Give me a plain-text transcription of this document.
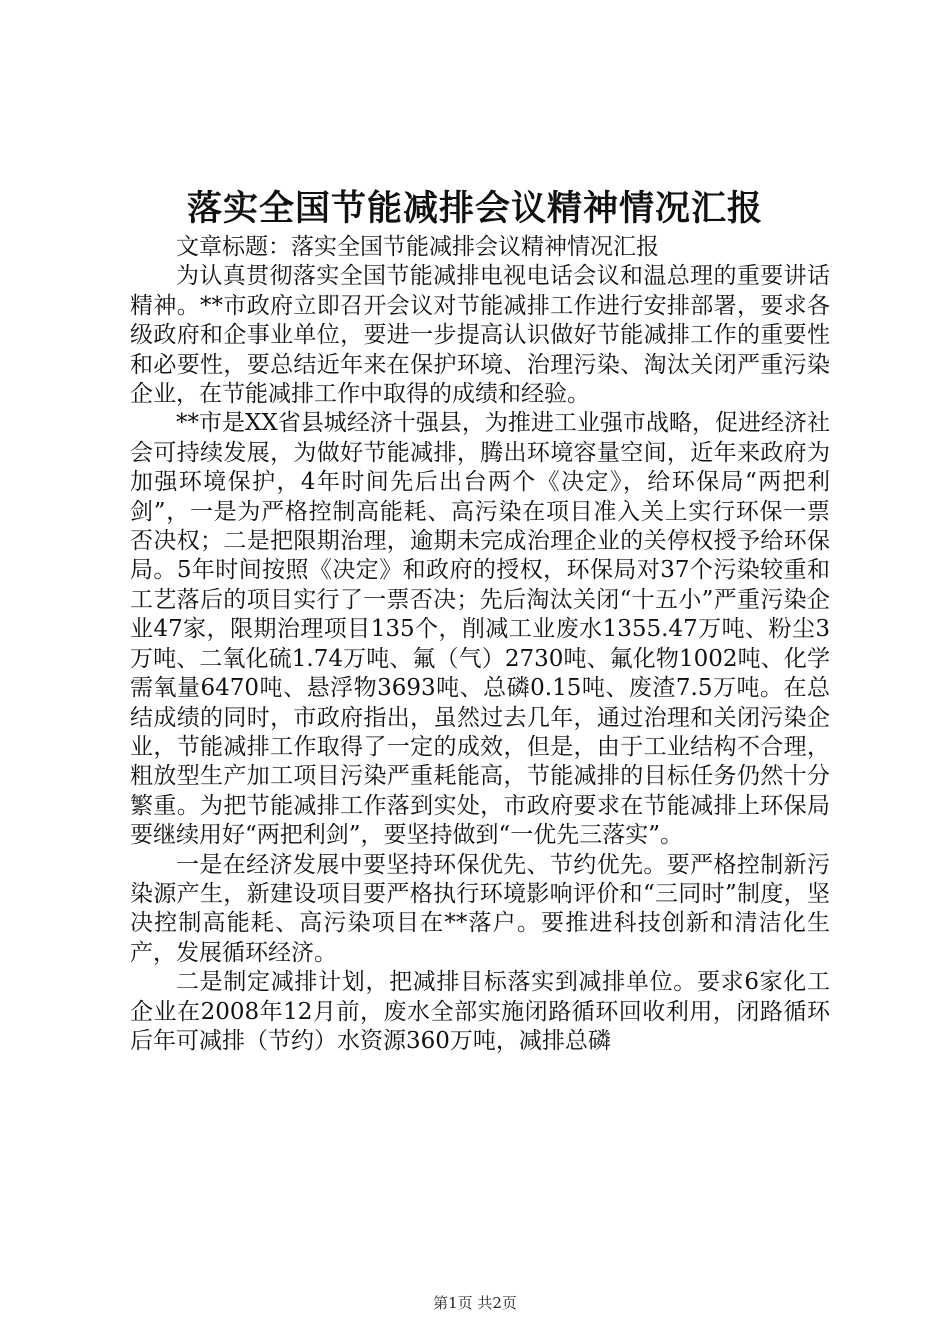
落实全国节能减排会议精神情况汇报

文章标题：落实全国节能减排会议精神情况汇报

为认真贯彻落实全国节能减排电视电话会议和温总理的重要讲话精神。**市政府立即召开会议对节能减排工作进行安排部署，要求各级政府和企事业单位，要进一步提高认识做好节能减排工作的重要性和必要性，要总结近年来在保护环境、治理污染、淘汰关闭严重污染企业，在节能减排工作中取得的成绩和经验。

**市是XX省县城经济十强县，为推进工业强市战略，促进经济社会可持续发展，为做好节能减排，腾出环境容量空间，近年来政府为加强环境保护，4年时间先后出台两个《决定》，给环保局“两把利剑”，一是为严格控制高能耗、高污染在项目准入关上实行环保一票否决权；二是把限期治理，逾期未完成治理企业的关停权授予给环保局。5年时间按照《决定》和政府的授权，环保局对37个污染较重和工艺落后的项目实行了一票否决；先后淘汰关闭“十五小”严重污染企业47家，限期治理项目135个，削减工业废水1355.47万吨、粉尘3万吨、二氧化硫1.74万吨、氟（气）2730吨、氟化物1002吨、化学需氧量6470吨、悬浮物3693吨、总磷0.15吨、废渣7.5万吨。在总结成绩的同时，市政府指出，虽然过去几年，通过治理和关闭污染企业，节能减排工作取得了一定的成效，但是，由于工业结构不合理，粗放型生产加工项目污染严重耗能高，节能减排的目标任务仍然十分繁重。为把节能减排工作落到实处，市政府要求在节能减排上环保局要继续用好“两把利剑”，要坚持做到“一优先三落实”。

一是在经济发展中要坚持环保优先、节约优先。要严格控制新污染源产生，新建设项目要严格执行环境影响评价和“三同时”制度，坚决控制高能耗、高污染项目在**落户。要推进科技创新和清洁化生产，发展循环经济。

二是制定减排计划，把减排目标落实到减排单位。要求6家化工企业在2008年12月前，废水全部实施闭路循环回收利用，闭路循环后年可减排（节约）水资源360万吨，减排总磷

第1页 共2页
